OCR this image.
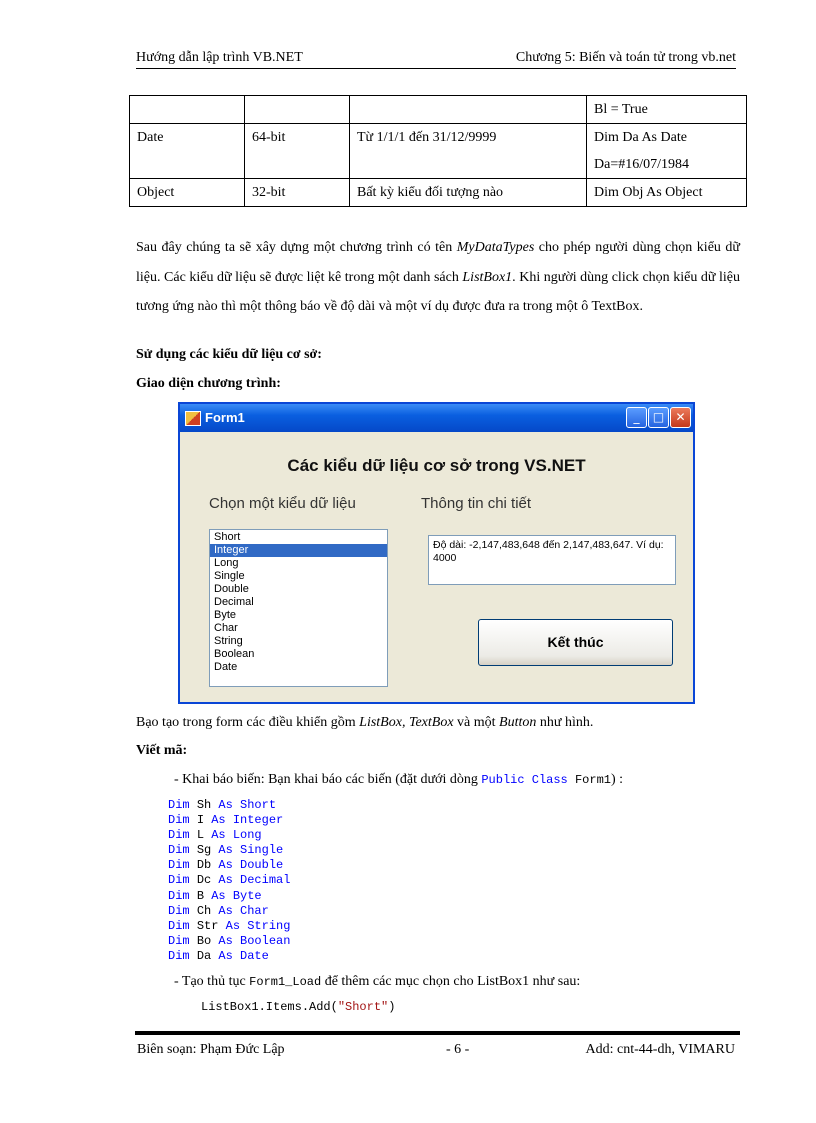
Hướng dẫn lập trình VB.NET	Chương 5: Biến và toán tử trong vb.net
			Bl = True
Date	64-bit	Từ 1/1/1 đến 31/12/9999	Dim Da As Date
Da=#16/07/1984

Object	32-bit	Bất kỳ kiểu đối tượng nào	Dim Obj As Object
Sau đây chúng ta sẽ xây dựng một chương trình có tên MyDataTypes cho phép người dùng chọn kiểu dữ liệu. Các kiểu dữ liệu sẽ được liệt kê trong một danh sách ListBox1. Khi người dùng click chọn kiểu dữ liệu tương ứng nào thì một thông báo về độ dài và một ví dụ được đưa ra trong một ô TextBox.
Sử dụng các kiểu dữ liệu cơ sở:
Giao diện chương trình:
Form1	_	□ ✕
Các kiểu dữ liệu cơ sở trong VS.NET
Chọn một kiểu dữ liệu	Thông tin chi tiết
Short
Integer
Long
Single
Double
Decimal
Byte
Char
String
Boolean
Date
Độ dài: -2,147,483,648 đến 2,147,483,647. Ví dụ: 4000
Kết thúc
Bạo tạo trong form các điều khiển gồm ListBox, TextBox và một Button như hình.
Viết mã:
- Khai báo biến: Bạn khai báo các biến (đặt dưới dòng Public Class Form1) :
Dim Sh As Short
Dim I As Integer
Dim L As Long
Dim Sg As Single
Dim Db As Double
Dim Dc As Decimal
Dim B As Byte
Dim Ch As Char
Dim Str As String
Dim Bo As Boolean
Dim Da As Date
- Tạo thủ tục Form1_Load để thêm các mục chọn cho ListBox1 như sau:
ListBox1.Items.Add("Short")
Biên soạn: Phạm Đức Lập	- 6 -	Add: cnt-44-dh, VIMARU
